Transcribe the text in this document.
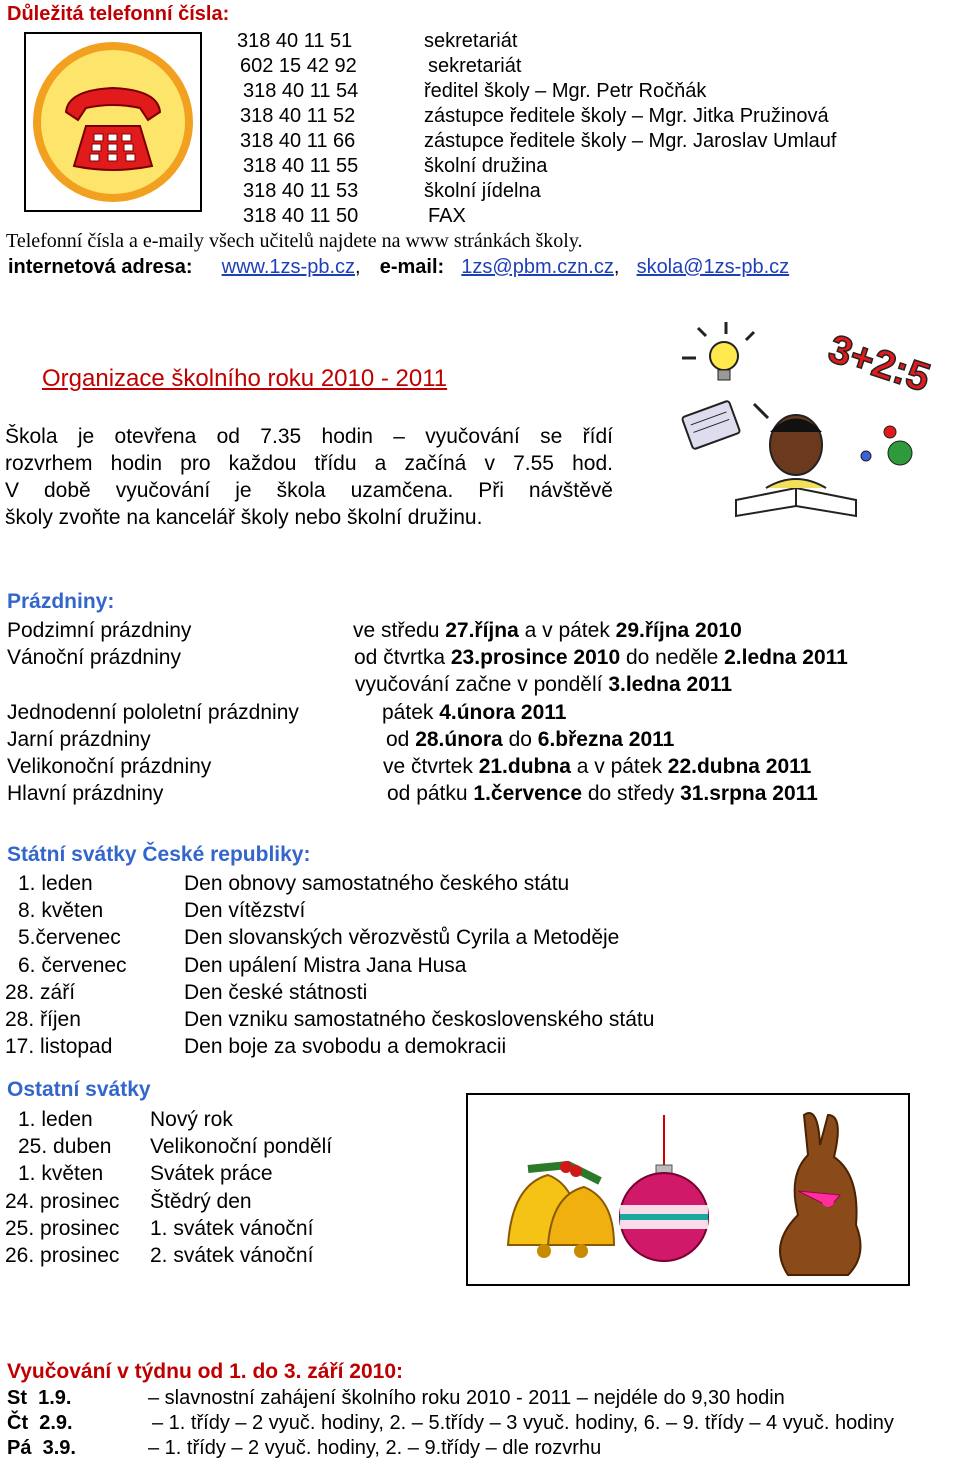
Důležitá telefonní čísla:
318 40 11 51	sekretariát
602 15 42 92	sekretariát
318 40 11 54	ředitel školy – Mgr. Petr Ročňák
318 40 11 52	zástupce ředitele školy – Mgr. Jitka Pružinová
318 40 11 66	zástupce ředitele školy – Mgr. Jaroslav Umlauf
318 40 11 55	školní družina
318 40 11 53	školní jídelna
318 40 11 50	FAX
Telefonní čísla a e-maily všech učitelů najdete na www stránkách školy.
internetová adresa: www.1zs-pb.cz, e-mail: 1zs@pbm.czn.cz, skola@1zs-pb.cz
Organizace školního roku 2010 - 2011
Škola je otevřena od 7.35 hodin – vyučování se řídí
rozvrhem hodin pro každou třídu a začíná v 7.55 hod.
V době vyučování je škola uzamčena. Při návštěvě
školy zvoňte na kancelář školy nebo školní družinu.
3+2:5
Prázdniny:
Podzimní prázdniny	ve středu 27.října a v pátek 29.října 2010
Vánoční prázdniny	od čtvrtka 23.prosince 2010 do neděle 2.ledna 2011
vyučování začne v pondělí 3.ledna 2011
Jednodenní pololetní prázdniny	pátek 4.února 2011
Jarní prázdniny	od 28.února do 6.března 2011
Velikonoční prázdniny	ve čtvrtek 21.dubna a v pátek 22.dubna 2011
Hlavní prázdniny	od pátku 1.července do středy 31.srpna 2011
Státní svátky České republiky:
1. leden	Den obnovy samostatného českého státu
8. květen	Den vítězství
5.červenec	Den slovanských věrozvěstů Cyrila a Metoděje
6. červenec	Den upálení Mistra Jana Husa
28. září	Den české státnosti
28. říjen	Den vzniku samostatného československého státu
17. listopad	Den boje za svobodu a demokracii
Ostatní svátky
1. leden	Nový rok
25. duben Velikonoční pondělí
1. květen Svátek práce
24. prosinec Štědrý den
25. prosinec 1. svátek vánoční
26. prosinec 2. svátek vánoční
Vyučování v týdnu od 1. do 3. září 2010:
St  1.9.	– slavnostní zahájení školního roku 2010 - 2011 – nejdéle do 9,30 hodin
Čt  2.9.	– 1. třídy – 2 vyuč. hodiny, 2. – 5.třídy – 3 vyuč. hodiny, 6. – 9. třídy – 4 vyuč. hodiny
Pá  3.9.	– 1. třídy – 2 vyuč. hodiny, 2. – 9.třídy – dle rozvrhu
